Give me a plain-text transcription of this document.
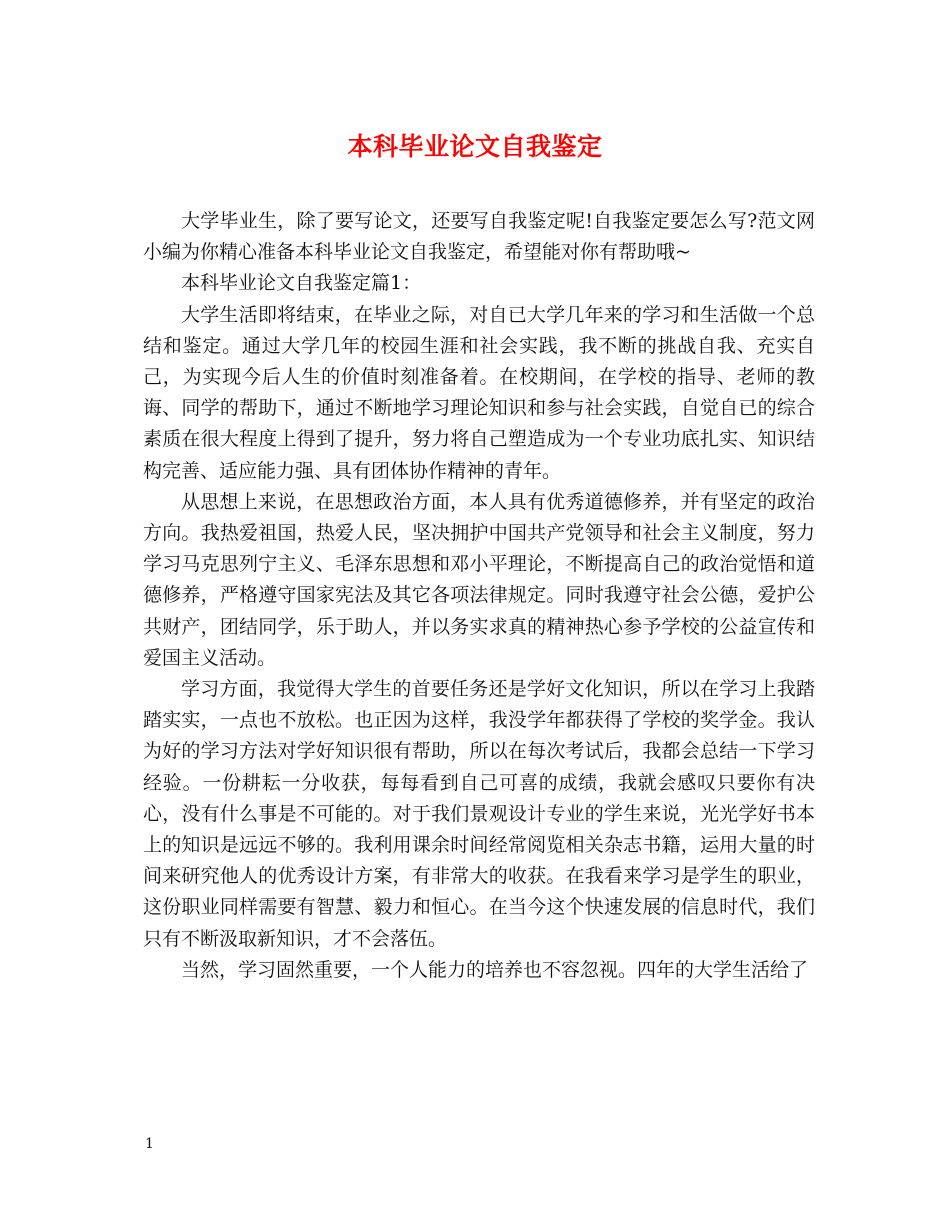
本科毕业论文自我鉴定

大学毕业生，除了要写论文，还要写自我鉴定呢!自我鉴定要怎么写?范文网小编为你精心准备本科毕业论文自我鉴定，希望能对你有帮助哦~

本科毕业论文自我鉴定篇1：

大学生活即将结束，在毕业之际，对自已大学几年来的学习和生活做一个总结和鉴定。通过大学几年的校园生涯和社会实践，我不断的挑战自我、充实自己，为实现今后人生的价值时刻准备着。在校期间，在学校的指导、老师的教诲、同学的帮助下，通过不断地学习理论知识和参与社会实践，自觉自已的综合素质在很大程度上得到了提升，努力将自己塑造成为一个专业功底扎实、知识结构完善、适应能力强、具有团体协作精神的青年。

从思想上来说，在思想政治方面，本人具有优秀道德修养，并有坚定的政治方向。我热爱祖国，热爱人民，坚决拥护中国共产党领导和社会主义制度，努力学习马克思列宁主义、毛泽东思想和邓小平理论，不断提高自己的政治觉悟和道德修养，严格遵守国家宪法及其它各项法律规定。同时我遵守社会公德，爱护公共财产，团结同学，乐于助人，并以务实求真的精神热心参予学校的公益宣传和爱国主义活动。

学习方面，我觉得大学生的首要任务还是学好文化知识，所以在学习上我踏踏实实，一点也不放松。也正因为这样，我没学年都获得了学校的奖学金。我认为好的学习方法对学好知识很有帮助，所以在每次考试后，我都会总结一下学习经验。一份耕耘一分收获，每每看到自己可喜的成绩，我就会感叹只要你有决心，没有什么事是不可能的。对于我们景观设计专业的学生来说，光光学好书本上的知识是远远不够的。我利用课余时间经常阅览相关杂志书籍，运用大量的时间来研究他人的优秀设计方案，有非常大的收获。在我看来学习是学生的职业，这份职业同样需要有智慧、毅力和恒心。在当今这个快速发展的信息时代，我们只有不断汲取新知识，才不会落伍。

当然，学习固然重要，一个人能力的培养也不容忽视。四年的大学生活给了

1
